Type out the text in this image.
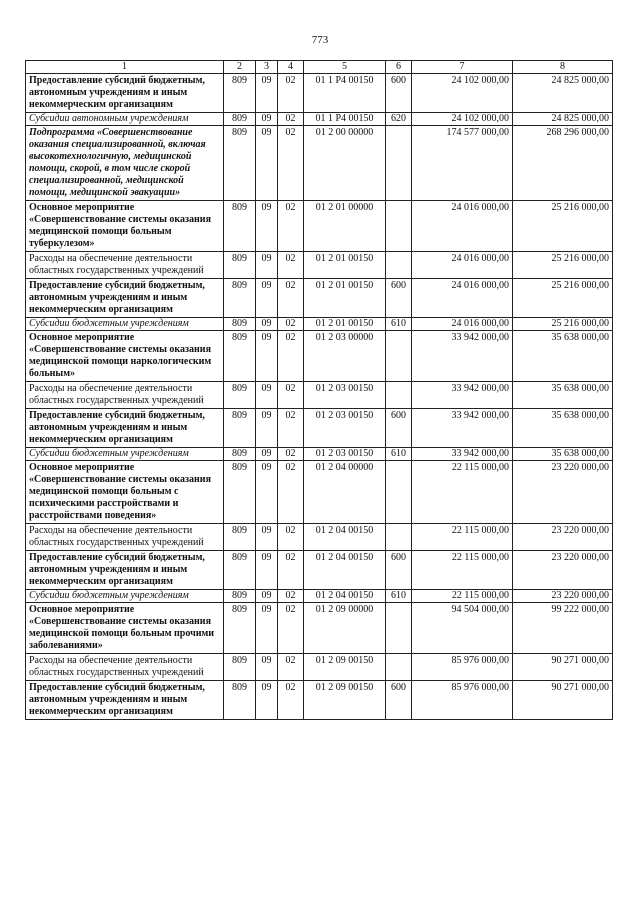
773
1	2	3	4	5	6	7	8
Предоставление субсидий бюджетным, автономным учреждениям и иным некоммерческим организациям	809	09	02	01 1 Р4 00150	600	24 102 000,00	24 825 000,00
Субсидии автономным учреждениям	809	09	02	01 1 Р4 00150	620	24 102 000,00	24 825 000,00
Подпрограмма «Совершенствование оказания специализированной, включая высокотехнологичную, медицинской помощи, скорой, в том числе скорой специализированной, медицинской помощи, медицинской эвакуации»	809	09	02	01 2 00 00000		174 577 000,00	268 296 000,00
Основное мероприятие «Совершенствование системы оказания медицинской помощи больным туберкулезом»	809	09	02	01 2 01 00000		24 016 000,00	25 216 000,00
Расходы на обеспечение деятельности областных государственных учреждений	809	09	02	01 2 01 00150		24 016 000,00	25 216 000,00
Предоставление субсидий бюджетным, автономным учреждениям и иным некоммерческим организациям	809	09	02	01 2 01 00150	600	24 016 000,00	25 216 000,00
Субсидии бюджетным учреждениям	809	09	02	01 2 01 00150	610	24 016 000,00	25 216 000,00
Основное мероприятие «Совершенствование системы оказания медицинской помощи наркологическим больным»	809	09	02	01 2 03 00000		33 942 000,00	35 638 000,00
Расходы на обеспечение деятельности областных государственных учреждений	809	09	02	01 2 03 00150		33 942 000,00	35 638 000,00
Предоставление субсидий бюджетным, автономным учреждениям и иным некоммерческим организациям	809	09	02	01 2 03 00150	600	33 942 000,00	35 638 000,00
Субсидии бюджетным учреждениям	809	09	02	01 2 03 00150	610	33 942 000,00	35 638 000,00
Основное мероприятие «Совершенствование системы оказания медицинской помощи больным с психическими расстройствами и расстройствами поведения»	809	09	02	01 2 04 00000		22 115 000,00	23 220 000,00
Расходы на обеспечение деятельности областных государственных учреждений	809	09	02	01 2 04 00150		22 115 000,00	23 220 000,00
Предоставление субсидий бюджетным, автономным учреждениям и иным некоммерческим организациям	809	09	02	01 2 04 00150	600	22 115 000,00	23 220 000,00
Субсидии бюджетным учреждениям	809	09	02	01 2 04 00150	610	22 115 000,00	23 220 000,00
Основное мероприятие «Совершенствование системы оказания медицинской помощи больным прочими заболеваниями»	809	09	02	01 2 09 00000		94 504 000,00	99 222 000,00
Расходы на обеспечение деятельности областных государственных учреждений	809	09	02	01 2 09 00150		85 976 000,00	90 271 000,00
Предоставление субсидий бюджетным, автономным учреждениям и иным некоммерческим организациям	809	09	02	01 2 09 00150	600	85 976 000,00	90 271 000,00
